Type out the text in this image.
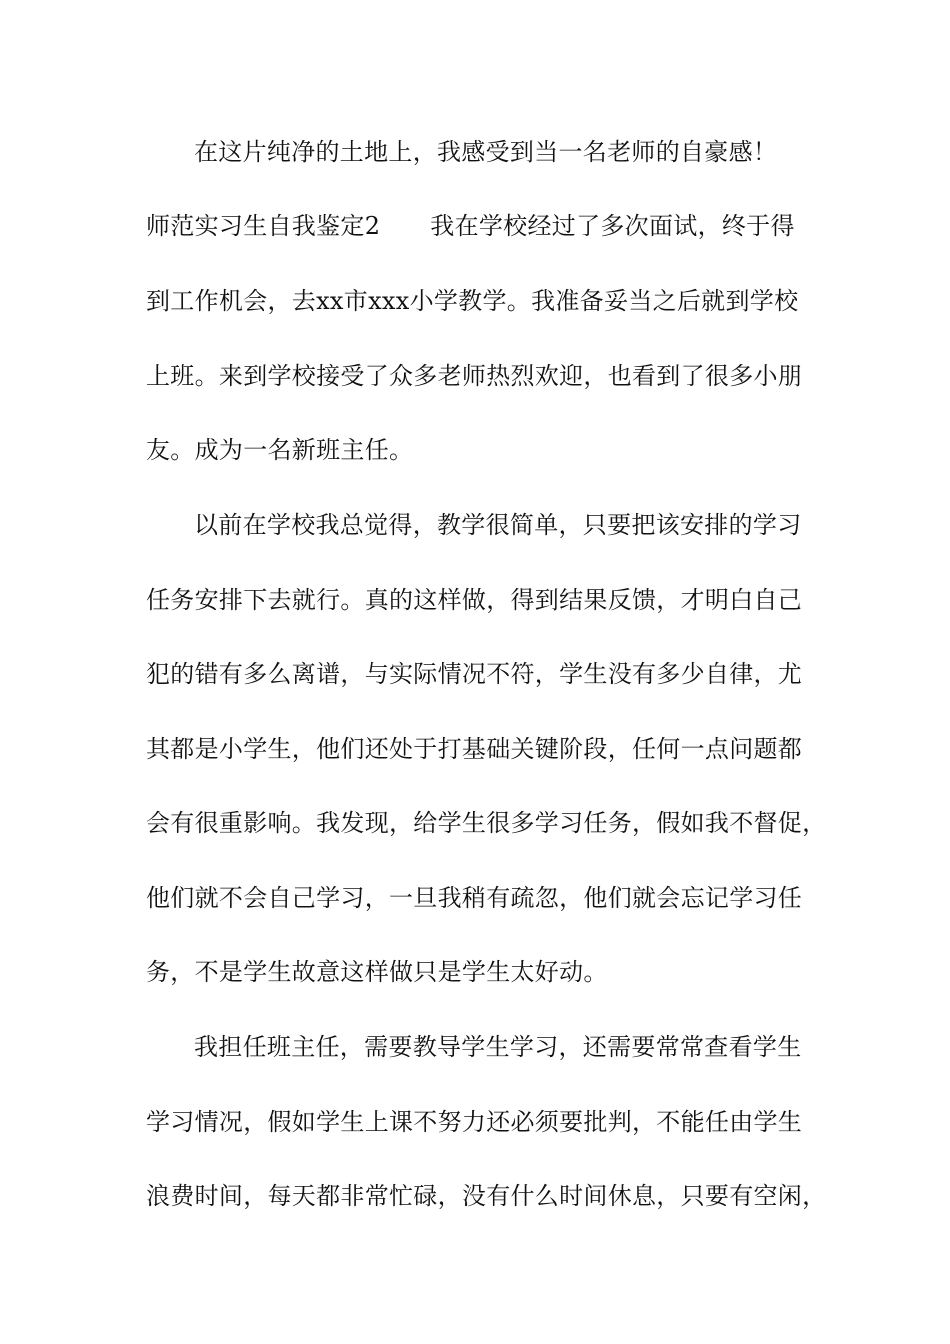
在这片纯净的土地上，我感受到当一名老师的自豪感！
师范实习生自我鉴定2 我在学校经过了多次面试，终于得
到工作机会，去xx市xxx小学教学。我准备妥当之后就到学校
上班。来到学校接受了众多老师热烈欢迎，也看到了很多小朋
友。成为一名新班主任。
以前在学校我总觉得，教学很简单，只要把该安排的学习
任务安排下去就行。真的这样做，得到结果反馈，才明白自己
犯的错有多么离谱，与实际情况不符，学生没有多少自律，尤
其都是小学生，他们还处于打基础关键阶段，任何一点问题都
会有很重影响。我发现，给学生很多学习任务，假如我不督促，
他们就不会自己学习，一旦我稍有疏忽，他们就会忘记学习任
务，不是学生故意这样做只是学生太好动。
我担任班主任，需要教导学生学习，还需要常常查看学生
学习情况，假如学生上课不努力还必须要批判，不能任由学生
浪费时间，每天都非常忙碌，没有什么时间休息，只要有空闲，
